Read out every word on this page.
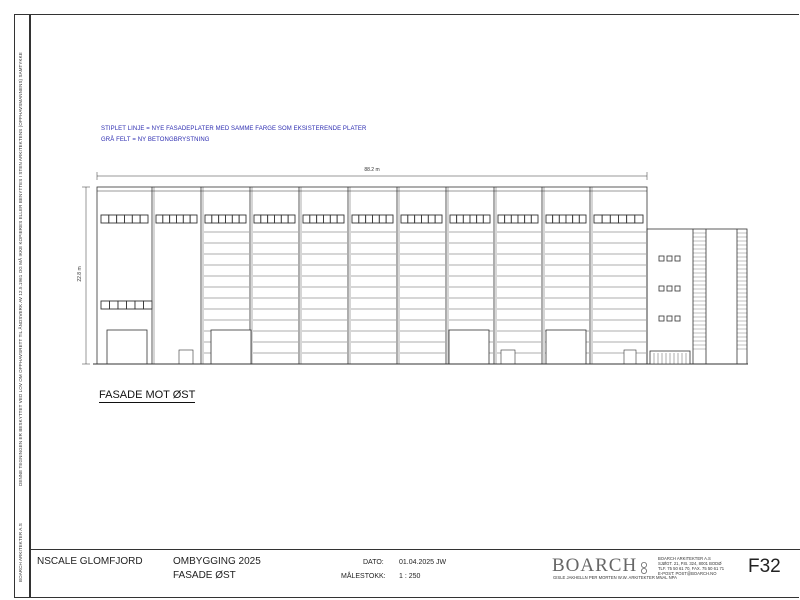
BOARCH ARKITEKTER A.S
DENNE TEGNINGEN ER BESKYTTET VED LOV OM OPPHAVSRETT TIL ÅNDSVERK AV 12.5.1961 OG MÅ IKKE KOPIERES ELLER BENYTTES I STEN ARKITEKTENS (OPPHAVSMANNENS) SAMTYKKE	STIPLET LINJE = NYE FASADEPLATER MED SAMME FARGE SOM EKSISTERENDE PLATER
GRÅ FELT = NY BETONGBRYSTNING
88.2 m
22.8 m
FASADE MOT ØST
NSCALE GLOMFJORD	OMBYGGING 2025
FASADE ØST
DATO: 01.04.2025 JW
MÅLESTOKK: 1 : 250
BOARCH
GISLE JAKHELLN PER MORTEN W.W. ARKITEKTER MNAL NPA
BOARCH ARKITEKTER A.S
SJØGT. 21, P.B. 324, 8001 BODØ
TLF. 75 50 61 70, FAX. 75 50 61 71
E-POST: POST@BOARCH.NO F32
